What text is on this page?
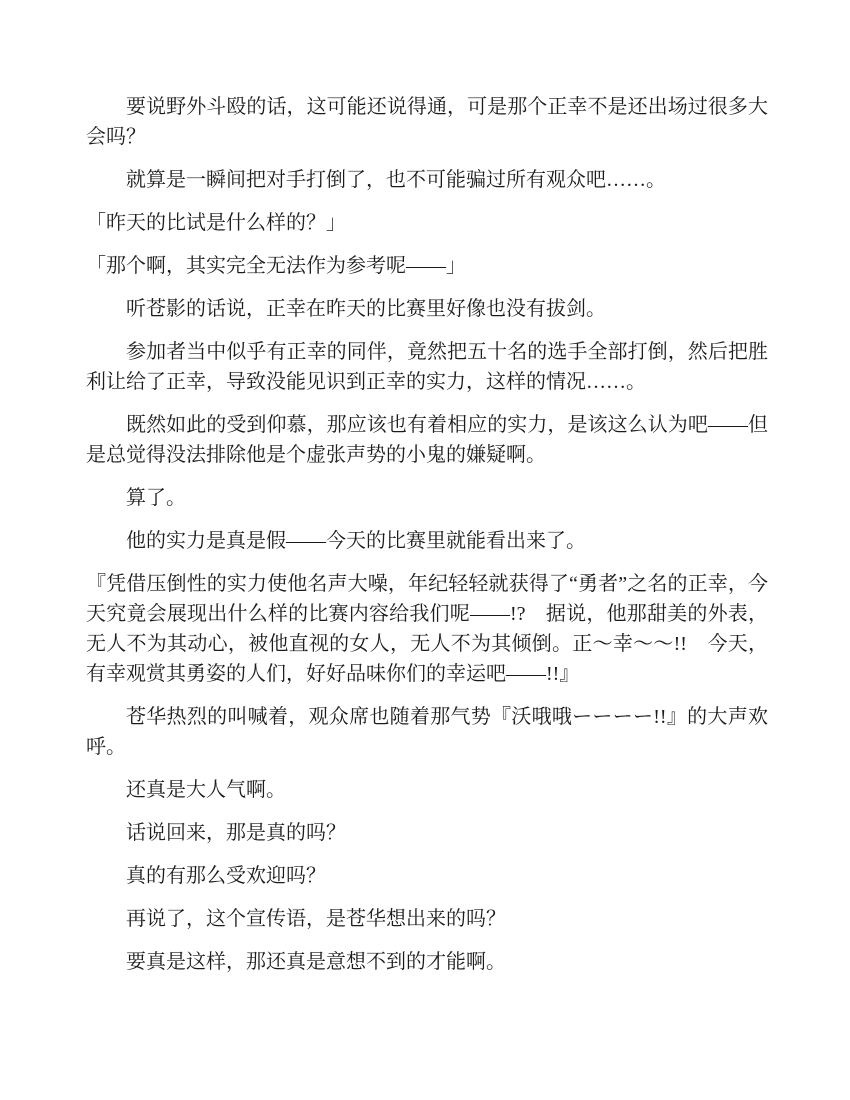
要说野外斗殴的话，这可能还说得通，可是那个正幸不是还出场过很多大会吗？

就算是一瞬间把对手打倒了，也不可能骗过所有观众吧……。

「昨天的比试是什么样的？」

「那个啊，其实完全无法作为参考呢——」

听苍影的话说，正幸在昨天的比赛里好像也没有拔剑。

参加者当中似乎有正幸的同伴，竟然把五十名的选手全部打倒，然后把胜利让给了正幸，导致没能见识到正幸的实力，这样的情况……。

既然如此的受到仰慕，那应该也有着相应的实力，是该这么认为吧——但是总觉得没法排除他是个虚张声势的小鬼的嫌疑啊。

算了。

他的实力是真是假——今天的比赛里就能看出来了。

『凭借压倒性的实力使他名声大噪，年纪轻轻就获得了“勇者”之名的正幸，今天究竟会展现出什么样的比赛内容给我们呢——!?　据说，他那甜美的外表，无人不为其动心，被他直视的女人，无人不为其倾倒。正～幸～～!!　今天，有幸观赏其勇姿的人们，好好品味你们的幸运吧——!!』

苍华热烈的叫喊着，观众席也随着那气势『沃哦哦ーーーー!!』的大声欢呼。

还真是大人气啊。

话说回来，那是真的吗？

真的有那么受欢迎吗？

再说了，这个宣传语，是苍华想出来的吗？

要真是这样，那还真是意想不到的才能啊。
